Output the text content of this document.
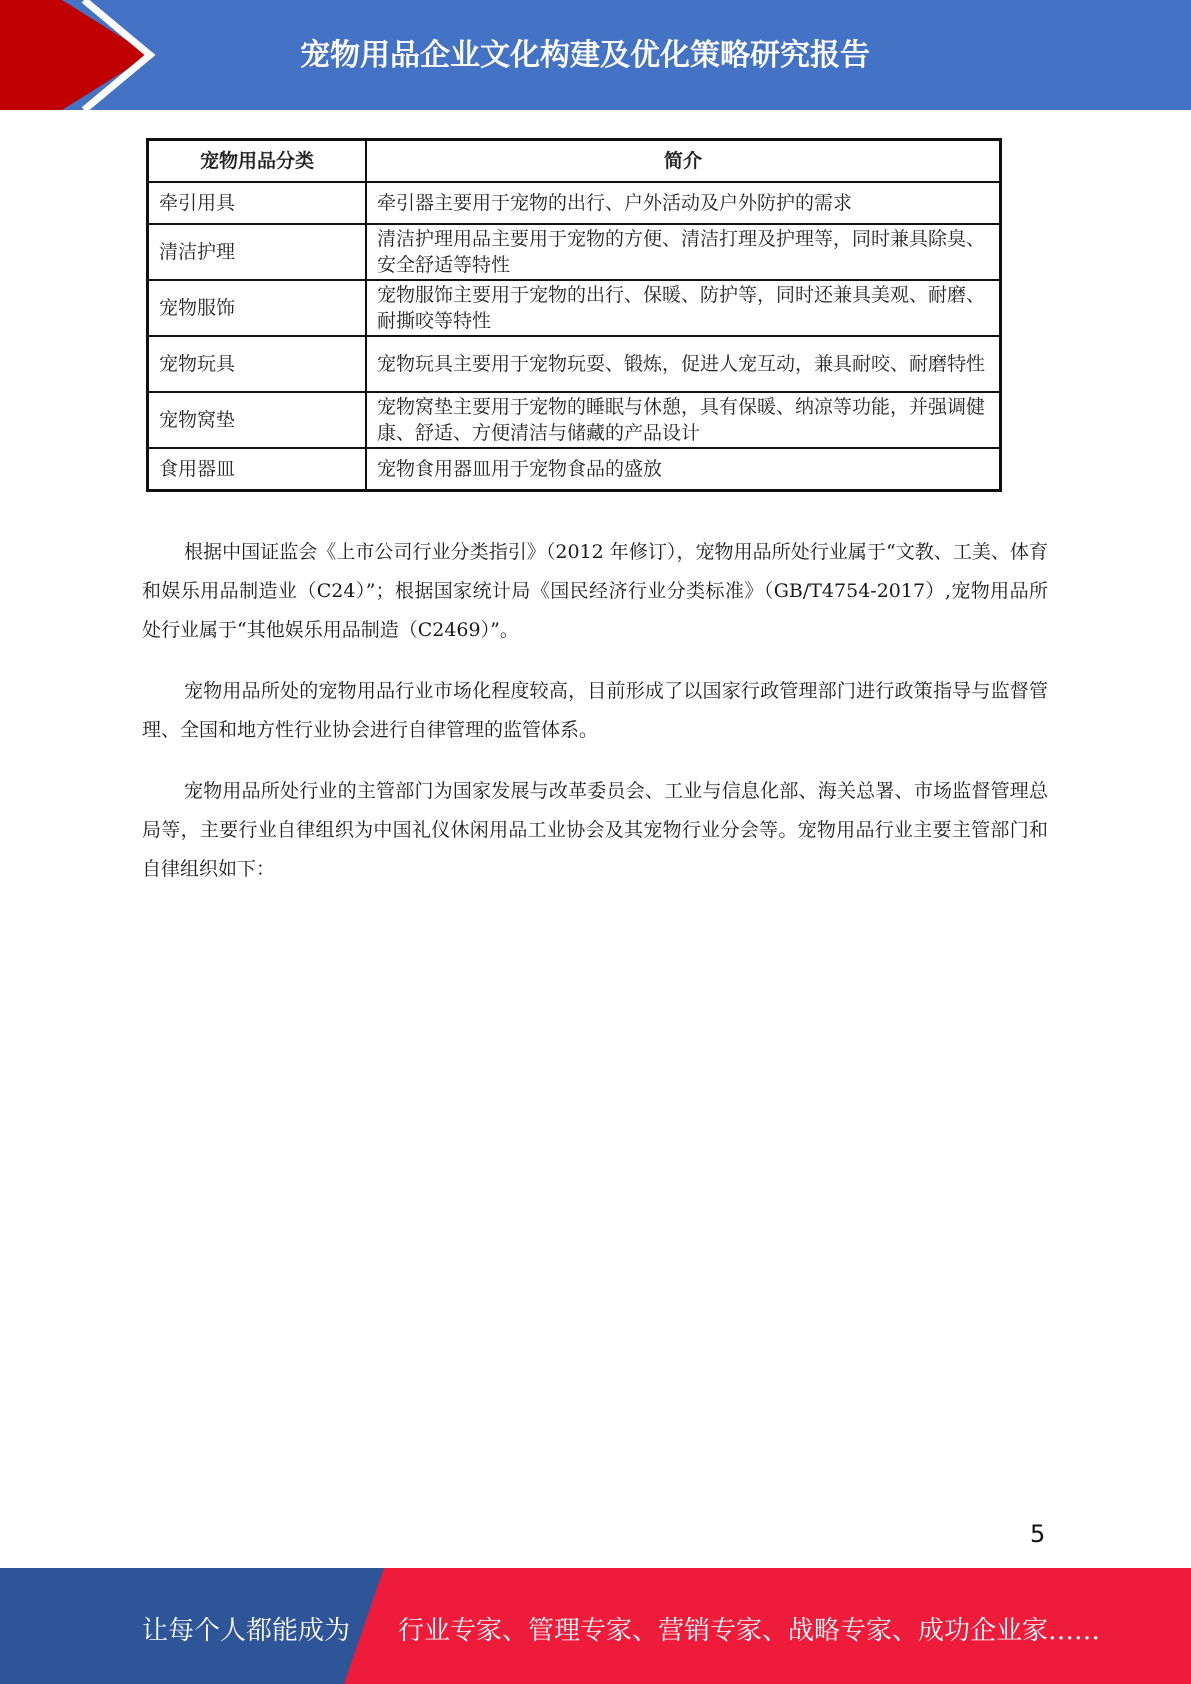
宠物用品企业文化构建及优化策略研究报告
宠物用品分类	简介
牵引用具	牵引器主要用于宠物的出行、户外活动及户外防护的需求
清洁护理	清洁护理用品主要用于宠物的方便、清洁打理及护理等，同时兼具除臭、安全舒适等特性
宠物服饰	宠物服饰主要用于宠物的出行、保暖、防护等，同时还兼具美观、耐磨、耐撕咬等特性
宠物玩具	宠物玩具主要用于宠物玩耍、锻炼，促进人宠互动，兼具耐咬、耐磨特性
宠物窝垫	宠物窝垫主要用于宠物的睡眠与休憩，具有保暖、纳凉等功能，并强调健康、舒适、方便清洁与储藏的产品设计
食用器皿	宠物食用器皿用于宠物食品的盛放

根据中国证监会《上市公司行业分类指引》（2012 年修订），宠物用品所处行业属于“文教、工美、体育和娱乐用品制造业（C24）”；根据国家统计局《国民经济行业分类标准》（GB/T4754-2017）,宠物用品所处行业属于“其他娱乐用品制造（C2469）”。

宠物用品所处的宠物用品行业市场化程度较高，目前形成了以国家行政管理部门进行政策指导与监督管理、全国和地方性行业协会进行自律管理的监管体系。

宠物用品所处行业的主管部门为国家发展与改革委员会、工业与信息化部、海关总署、市场监督管理总局等，主要行业自律组织为中国礼仪休闲用品工业协会及其宠物行业分会等。宠物用品行业主要主管部门和自律组织如下：

5
让每个人都能成为 行业专家、管理专家、营销专家、战略专家、成功企业家……
